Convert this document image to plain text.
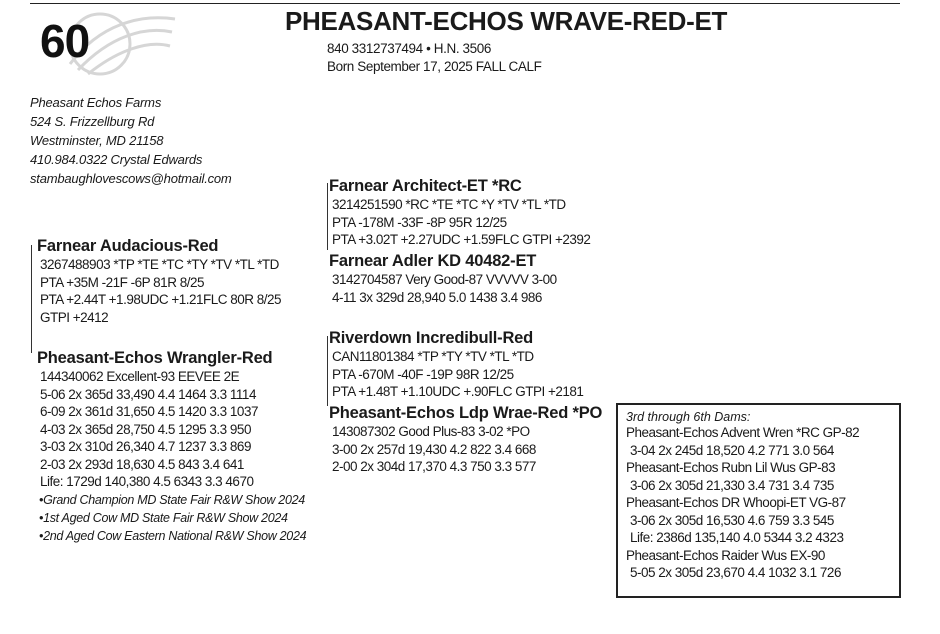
60	PHEASANT-ECHOS WRAVE-RED-ET
840 3312737494 • H.N. 3506
Born September 17, 2025 FALL CALF
Pheasant Echos Farms
524 S. Frizzellburg Rd
Westminster, MD 21158
410.984.0322 Crystal Edwards
stambaughlovescows@hotmail.com	Farnear Architect-ET *RC
3214251590 *RC *TE *TC *Y *TV *TL *TD
PTA -178M -33F -8P 95R 12/25
PTA +3.02T +2.27UDC +1.59FLC GTPI +2392
Farnear Adler KD 40482-ET
3142704587 Very Good-87 VVVVV 3-00
4-11 3x 329d 28,940 5.0 1438 3.4 986
Farnear Audacious-Red
3267488903 *TP *TE *TC *TY *TV *TL *TD
PTA +35M -21F -6P 81R 8/25
PTA +2.44T +1.98UDC +1.21FLC 80R 8/25
GTPI +2412
Pheasant-Echos Wrangler-Red
144340062 Excellent-93 EEVEE 2E
5-06 2x 365d 33,490 4.4 1464 3.3 1114
6-09 2x 361d 31,650 4.5 1420 3.3 1037
4-03 2x 365d 28,750 4.5 1295 3.3 950
3-03 2x 310d 26,340 4.7 1237 3.3 869
2-03 2x 293d 18,630 4.5 843 3.4 641
Life: 1729d 140,380 4.5 6343 3.3 4670
•Grand Champion MD State Fair R&W Show 2024
•1st Aged Cow MD State Fair R&W Show 2024
•2nd Aged Cow Eastern National R&W Show 2024
Riverdown Incredibull-Red
CAN11801384 *TP *TY *TV *TL *TD
PTA -670M -40F -19P 98R 12/25
PTA +1.48T +1.10UDC +.90FLC GTPI +2181
Pheasant-Echos Ldp Wrae-Red *PO
143087302 Good Plus-83 3-02 *PO
3-00 2x 257d 19,430 4.2 822 3.4 668
2-00 2x 304d 17,370 4.3 750 3.3 577
3rd through 6th Dams:
Pheasant-Echos Advent Wren *RC GP-82
3-04 2x 245d 18,520 4.2 771 3.0 564
Pheasant-Echos Rubn Lil Wus GP-83
3-06 2x 305d 21,330 3.4 731 3.4 735
Pheasant-Echos DR Whoopi-ET VG-87
3-06 2x 305d 16,530 4.6 759 3.3 545
Life: 2386d 135,140 4.0 5344 3.2 4323
Pheasant-Echos Raider Wus EX-90
5-05 2x 305d 23,670 4.4 1032 3.1 726
